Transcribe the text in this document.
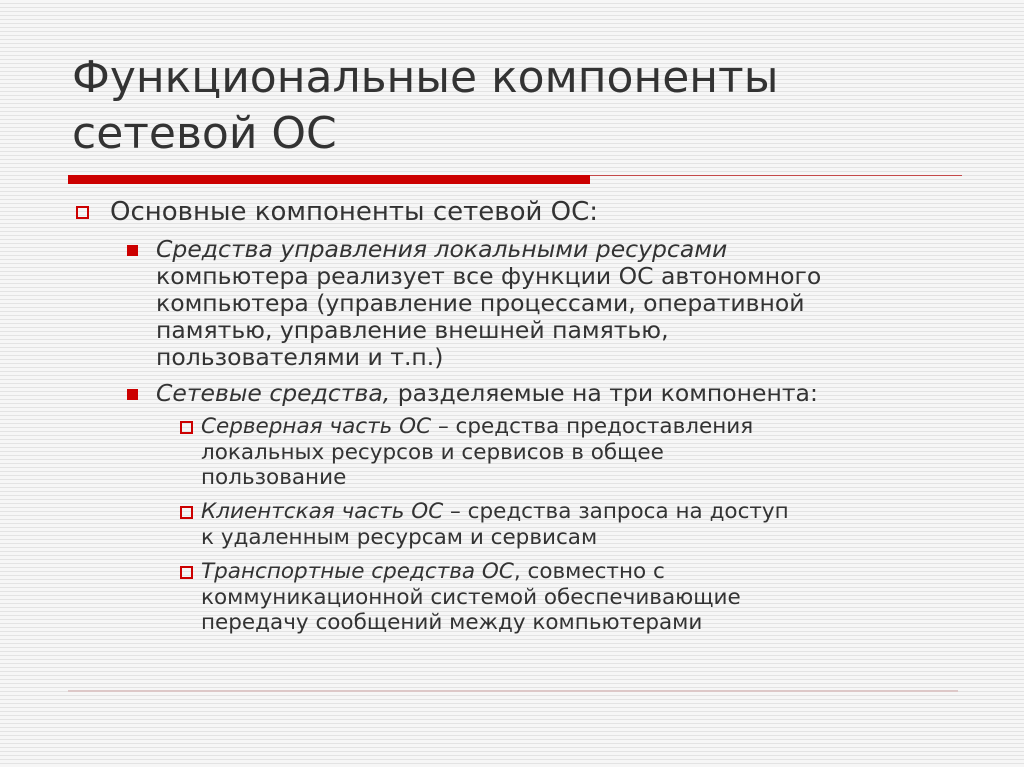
Функциональные компоненты
сетевой ОС

Основные компоненты сетевой ОС:

Средства управления локальными ресурсами

компьютера реализует все функции ОС автономного

компьютера (управление процессами, оперативной

памятью, управление внешней памятью,

пользователями и т.п.)

Сетевые средства, разделяемые на три компонента:

Серверная часть ОС – средства предоставления

локальных ресурсов и сервисов в общее

пользование

Клиентская часть ОС – средства запроса на доступ

к удаленным ресурсам и сервисам

Транспортные средства ОС, совместно с

коммуникационной системой обеспечивающие

передачу сообщений между компьютерами
